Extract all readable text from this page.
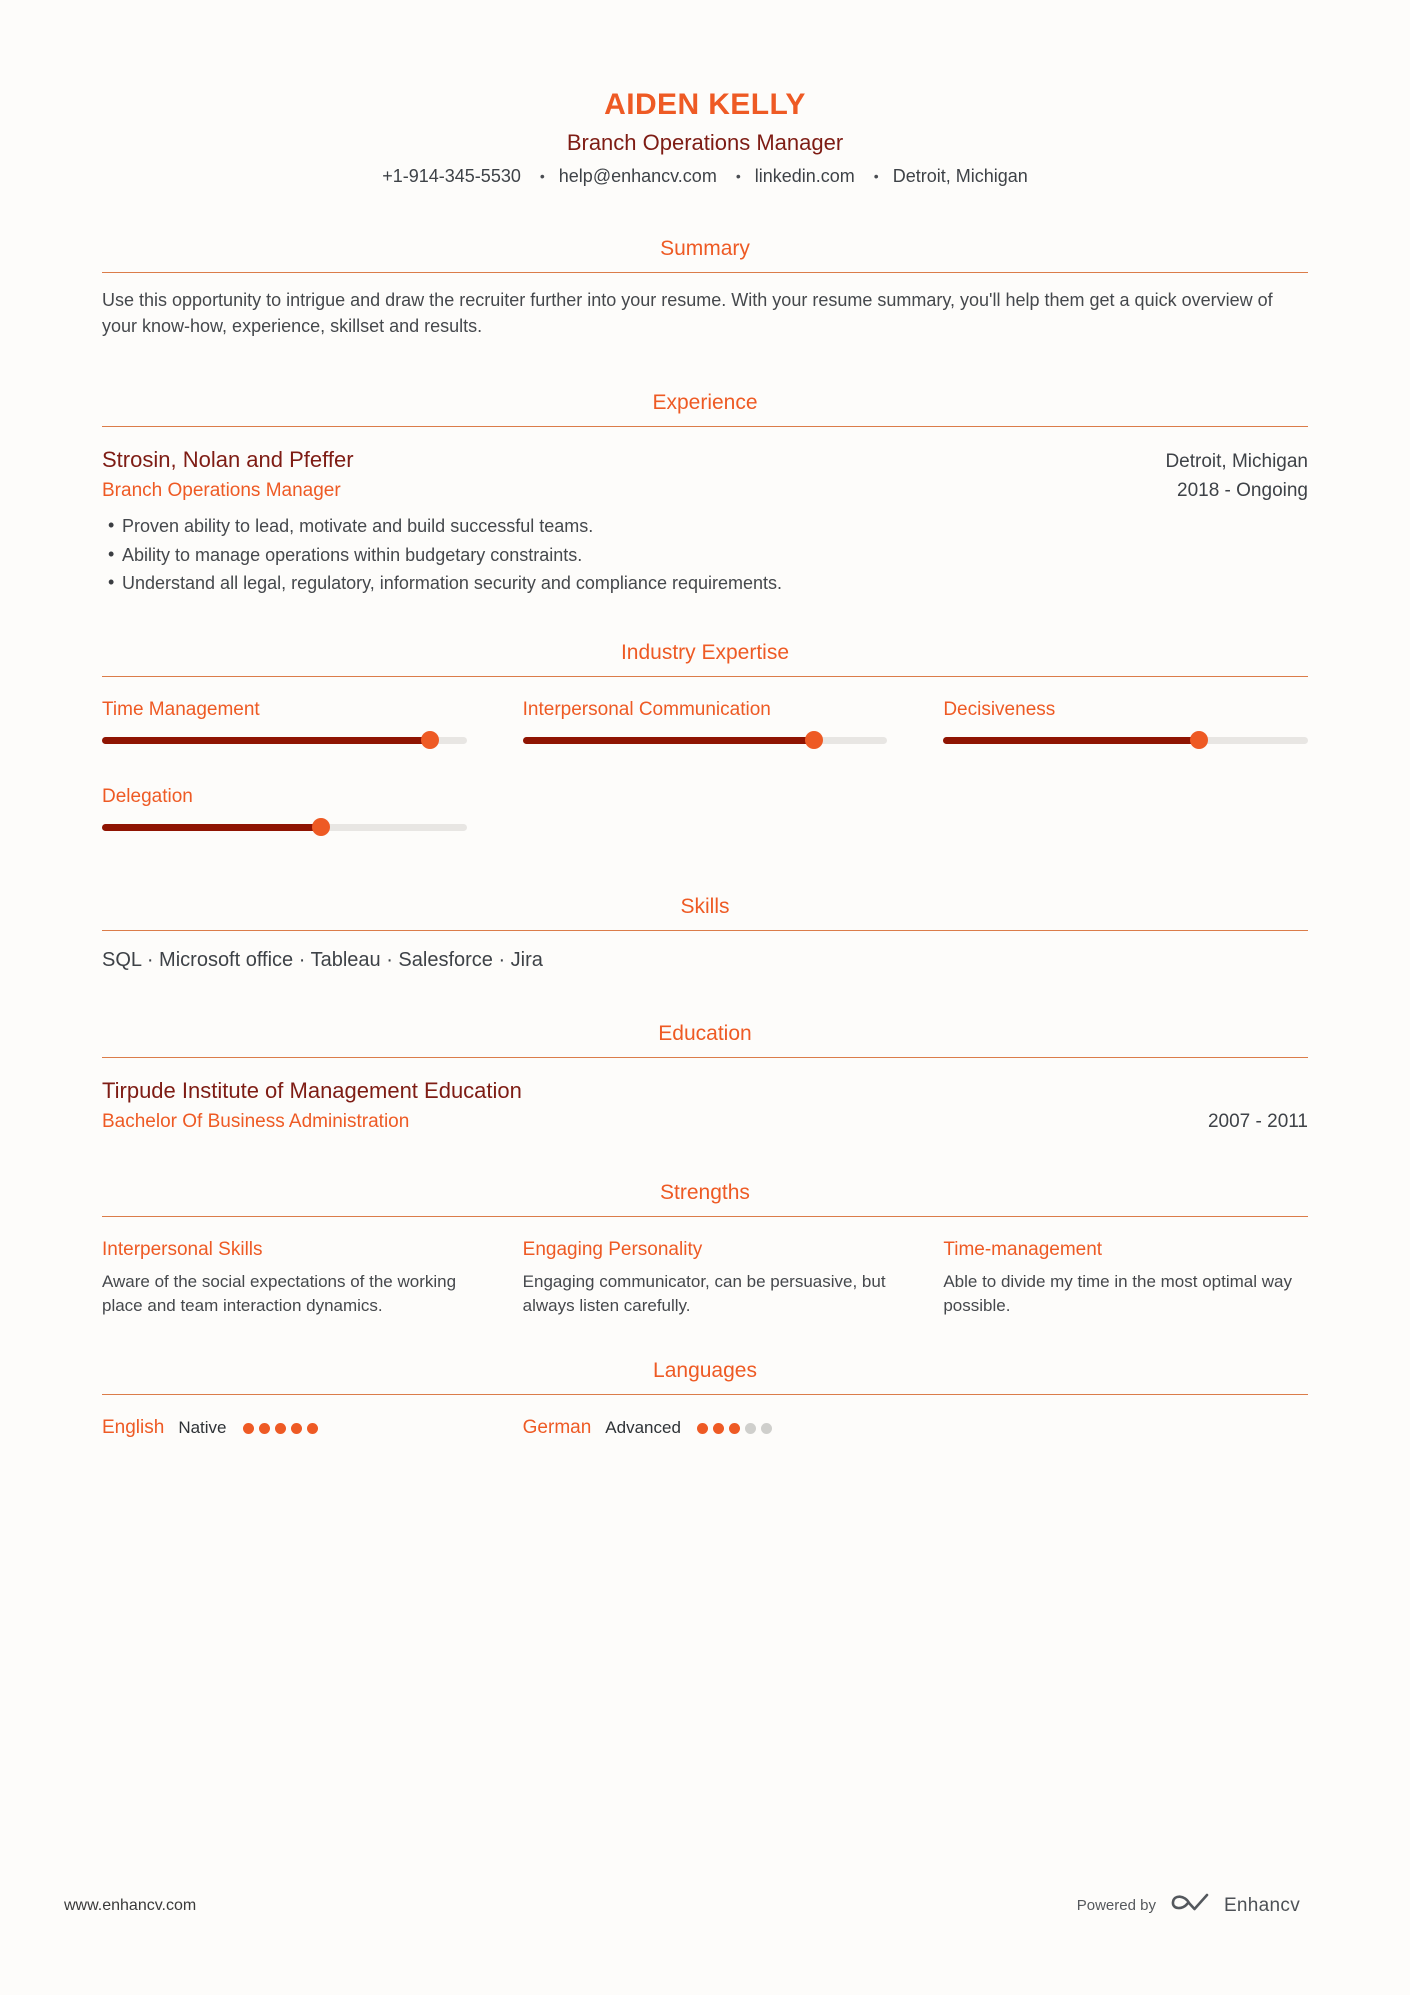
AIDEN KELLY
Branch Operations Manager
+1-914-345-5530 • help@enhancv.com • linkedin.com • Detroit, Michigan
Summary

Use this opportunity to intrigue and draw the recruiter further into your resume. With your resume summary, you'll help them get a quick overview of your know-how, experience, skillset and results.

Experience
Strosin, Nolan and Pfeffer	Detroit, Michigan
Branch Operations Manager	2018 - Ongoing
• Proven ability to lead, motivate and build successful teams.
• Ability to manage operations within budgetary constraints.
• Understand all legal, regulatory, information security and compliance requirements.
Industry Expertise
Time Management	Interpersonal Communication	Decisiveness
Delegation
Skills
SQL · Microsoft office · Tableau · Salesforce · Jira
Education
Tirpude Institute of Management Education
Bachelor Of Business Administration	2007 - 2011
Strengths
Interpersonal Skills
Aware of the social expectations of the working place and team interaction dynamics.
Engaging Personality
Engaging communicator, can be persuasive, but always listen carefully.
Time-management
Able to divide my time in the most optimal way possible.
Languages
English Native	German Advanced
www.enhancv.com	Powered by	Enhancv
